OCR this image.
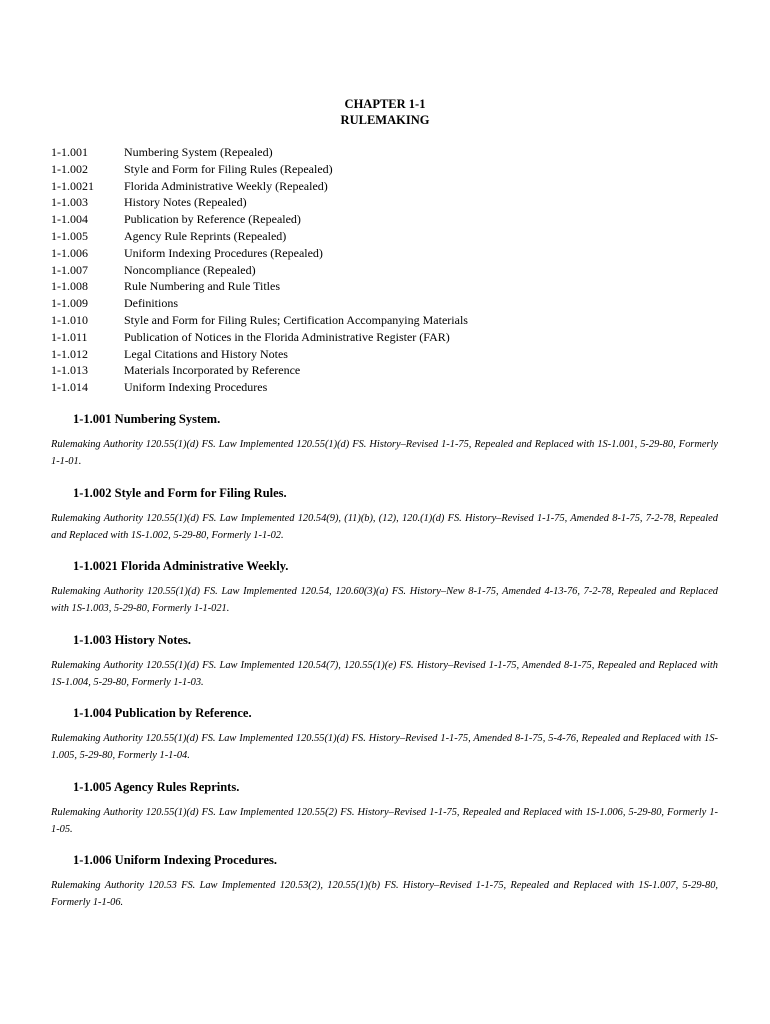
CHAPTER 1-1
RULEMAKING
1-1.001	Numbering System (Repealed)
1-1.002	Style and Form for Filing Rules (Repealed)
1-1.0021	Florida Administrative Weekly (Repealed)
1-1.003	History Notes (Repealed)
1-1.004	Publication by Reference (Repealed)
1-1.005	Agency Rule Reprints (Repealed)
1-1.006	Uniform Indexing Procedures (Repealed)
1-1.007	Noncompliance (Repealed)
1-1.008	Rule Numbering and Rule Titles
1-1.009	Definitions
1-1.010	Style and Form for Filing Rules; Certification Accompanying Materials
1-1.011	Publication of Notices in the Florida Administrative Register (FAR)
1-1.012	Legal Citations and History Notes
1-1.013	Materials Incorporated by Reference
1-1.014	Uniform Indexing Procedures

1-1.001 Numbering System.

Rulemaking Authority 120.55(1)(d) FS. Law Implemented 120.55(1)(d) FS. History–Revised 1-1-75, Repealed and Replaced with 1S-1.001, 5-29-80, Formerly 1-1-01.

1-1.002 Style and Form for Filing Rules.

Rulemaking Authority 120.55(1)(d) FS. Law Implemented 120.54(9), (11)(b), (12), 120.(1)(d) FS. History–Revised 1-1-75, Amended 8-1-75, 7-2-78, Repealed and Replaced with 1S-1.002, 5-29-80, Formerly 1-1-02.

1-1.0021 Florida Administrative Weekly.

Rulemaking Authority 120.55(1)(d) FS. Law Implemented 120.54, 120.60(3)(a) FS. History–New 8-1-75, Amended 4-13-76, 7-2-78, Repealed and Replaced with 1S-1.003, 5-29-80, Formerly 1-1-021.

1-1.003 History Notes.

Rulemaking Authority 120.55(1)(d) FS. Law Implemented 120.54(7), 120.55(1)(e) FS. History–Revised 1-1-75, Amended 8-1-75, Repealed and Replaced with 1S-1.004, 5-29-80, Formerly 1-1-03.

1-1.004 Publication by Reference.

Rulemaking Authority 120.55(1)(d) FS. Law Implemented 120.55(1)(d) FS. History–Revised 1-1-75, Amended 8-1-75, 5-4-76, Repealed and Replaced with 1S-1.005, 5-29-80, Formerly 1-1-04.

1-1.005 Agency Rules Reprints.

Rulemaking Authority 120.55(1)(d) FS. Law Implemented 120.55(2) FS. History–Revised 1-1-75, Repealed and Replaced with 1S-1.006, 5-29-80, Formerly 1-1-05.

1-1.006 Uniform Indexing Procedures.

Rulemaking Authority 120.53 FS. Law Implemented 120.53(2), 120.55(1)(b) FS. History–Revised 1-1-75, Repealed and Replaced with 1S-1.007, 5-29-80, Formerly 1-1-06.
